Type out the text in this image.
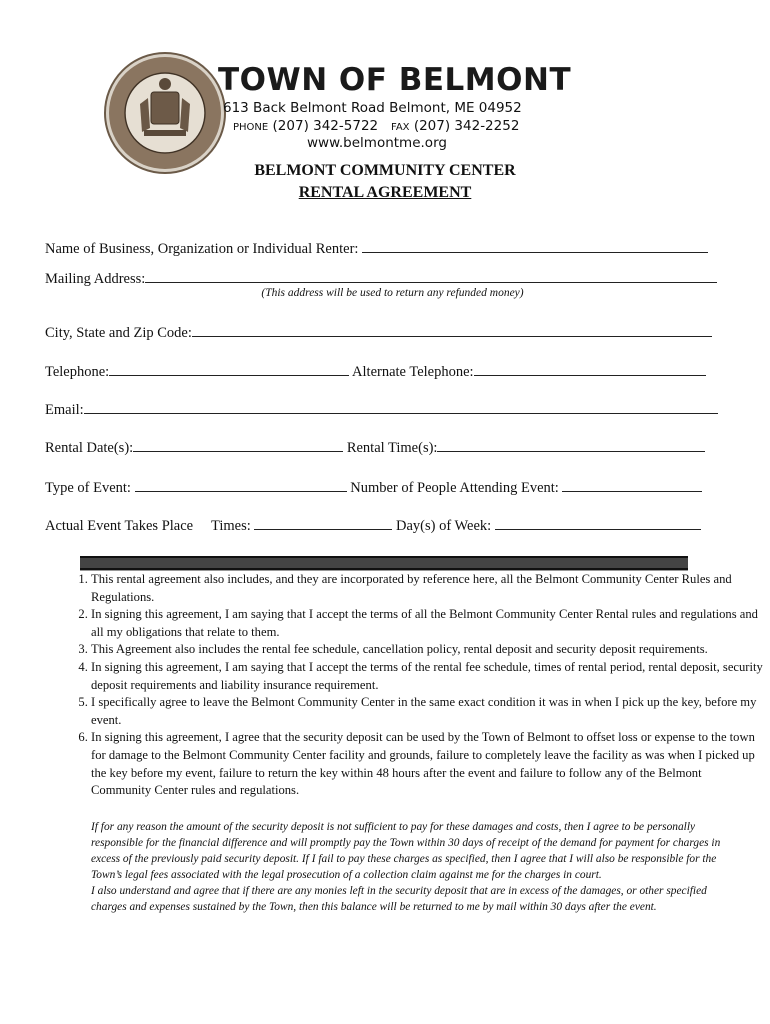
TOWN OF BELMONT
613 Back Belmont Road Belmont, ME 04952
PHONE (207) 342-5722 FAX (207) 342-2252
www.belmontme.org
BELMONT COMMUNITY CENTER
RENTAL AGREEMENT
Name of Business, Organization or Individual Renter:
Mailing Address:
(This address will be used to return any refunded money)
City, State and Zip Code:
Telephone:	Alternate Telephone:
Email:
Rental Date(s):	Rental Time(s):
Type of Event:	Number of People Attending Event:
Actual Event Takes Place Times:	Day(s) of Week:
1. This rental agreement also includes, and they are incorporated by reference here, all the Belmont Community Center Rules and Regulations.
2. In signing this agreement, I am saying that I accept the terms of all the Belmont Community Center Rental rules and regulations and all my obligations that relate to them.
3. This Agreement also includes the rental fee schedule, cancellation policy, rental deposit and security deposit requirements.
4. In signing this agreement, I am saying that I accept the terms of the rental fee schedule, times of rental period, rental deposit, security deposit requirements and liability insurance requirement.
5. I specifically agree to leave the Belmont Community Center in the same exact condition it was in when I pick up the key, before my event.
6. In signing this agreement, I agree that the security deposit can be used by the Town of Belmont to offset loss or expense to the town for damage to the Belmont Community Center facility and grounds, failure to completely leave the facility as was when I picked up the key before my event, failure to return the key within 48 hours after the event and failure to follow any of the Belmont Community Center rules and regulations.

If for any reason the amount of the security deposit is not sufficient to pay for these damages and costs, then I agree to be personally responsible for the financial difference and will promptly pay the Town within 30 days of receipt of the demand for payment for charges in excess of the previously paid security deposit. If I fail to pay these charges as specified, then I agree that I will also be responsible for the Town’s legal fees associated with the legal prosecution of a collection claim against me for the charges in court.

I also understand and agree that if there are any monies left in the security deposit that are in excess of the damages, or other specified charges and expenses sustained by the Town, then this balance will be returned to me by mail within 30 days after the event.
